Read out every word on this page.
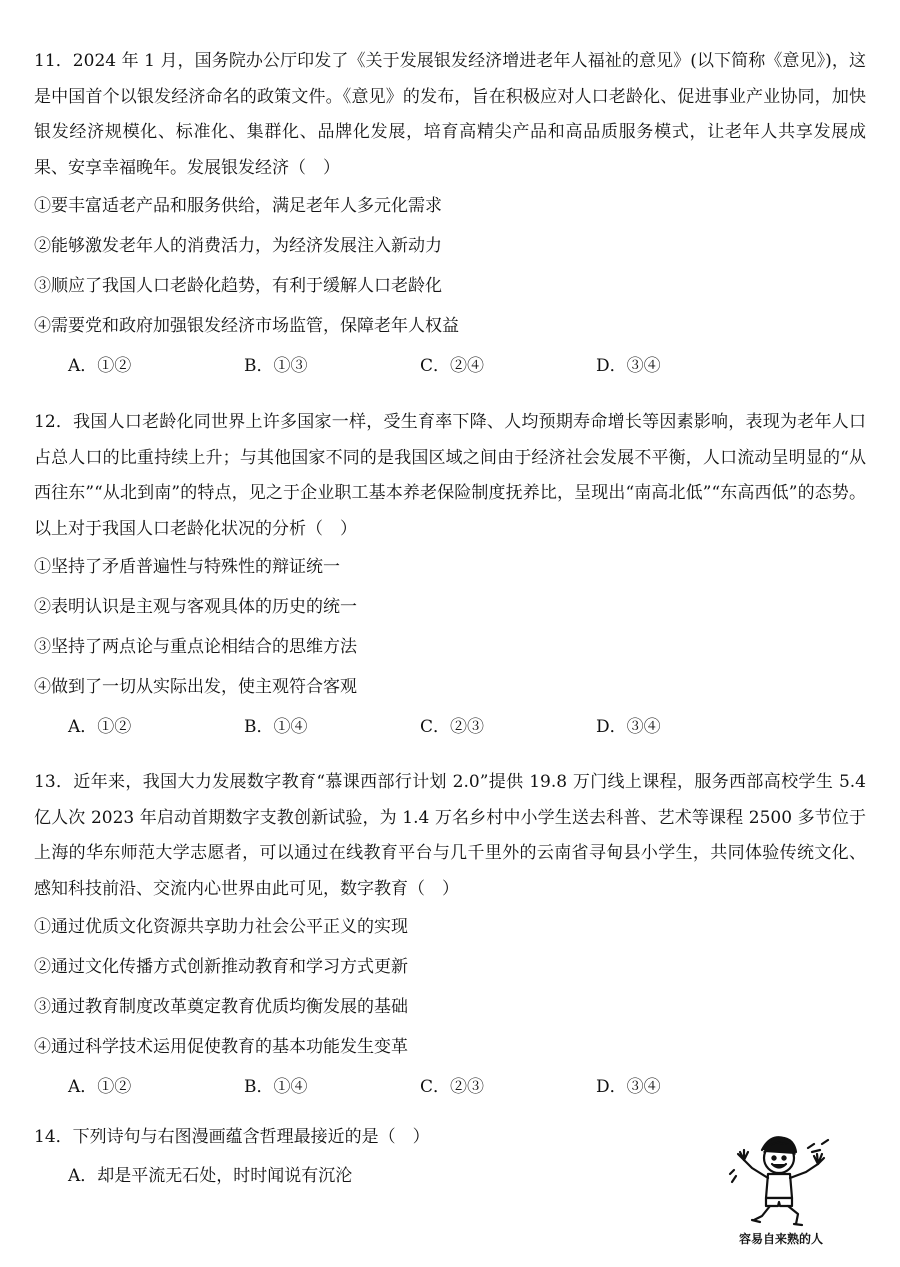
11．2024 年 1 月，国务院办公厅印发了《关于发展银发经济增进老年人福祉的意见》(以下简称《意见》)，这是中国首个以银发经济命名的政策文件。《意见》的发布，旨在积极应对人口老龄化、促进事业产业协同，加快银发经济规模化、标准化、集群化、品牌化发展，培育高精尖产品和高品质服务模式，让老年人共享发展成果、安享幸福晚年。发展银发经济（　）

①要丰富适老产品和服务供给，满足老年人多元化需求

②能够激发老年人的消费活力，为经济发展注入新动力

③顺应了我国人口老龄化趋势，有利于缓解人口老龄化

④需要党和政府加强银发经济市场监管，保障老年人权益

A．①②	B．①③	C．②④	D．③④

12．我国人口老龄化同世界上许多国家一样，受生育率下降、人均预期寿命增长等因素影响，表现为老年人口占总人口的比重持续上升；与其他国家不同的是我国区域之间由于经济社会发展不平衡，人口流动呈明显的“从西往东”“从北到南”的特点，见之于企业职工基本养老保险制度抚养比，呈现出“南高北低”“东高西低”的态势。以上对于我国人口老龄化状况的分析（　）

①坚持了矛盾普遍性与特殊性的辩证统一

②表明认识是主观与客观具体的历史的统一

③坚持了两点论与重点论相结合的思维方法

④做到了一切从实际出发，使主观符合客观

A．①②	B．①④	C．②③	D．③④

13．近年来，我国大力发展数字教育“慕课西部行计划 2.0”提供 19.8 万门线上课程，服务西部高校学生 5.4 亿人次 2023 年启动首期数字支教创新试验，为 1.4 万名乡村中小学生送去科普、艺术等课程 2500 多节位于上海的华东师范大学志愿者，可以通过在线教育平台与几千里外的云南省寻甸县小学生，共同体验传统文化、感知科技前沿、交流内心世界由此可见，数字教育（　）

①通过优质文化资源共享助力社会公平正义的实现

②通过文化传播方式创新推动教育和学习方式更新

③通过教育制度改革奠定教育优质均衡发展的基础

④通过科学技术运用促使教育的基本功能发生变革

A．①②	B．①④	C．②③	D．③④

14．下列诗句与右图漫画蕴含哲理最接近的是（　）

A．却是平流无石处，时时闻说有沉沦

容易自来熟的人
